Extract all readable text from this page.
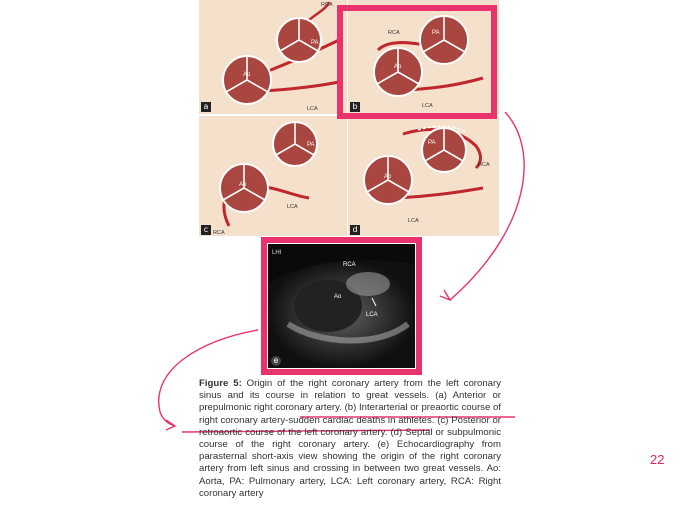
Ao
PA
RCA
LCA
a
Ao
PA
RCA
LCA
b
Ao
PA
RCA
LCA
c
Ao
PA
RCA
LCA
d
LHI
RCA
Ao
LCA
e
Figure 5: Origin of the right coronary artery from the left coronary sinus and its course in relation to great vessels. (a) Anterior or prepulmonic right coronary artery. (b) Interarterial or preaortic course of right coronary artery-sudden cardiac deaths in athletes. (c) Posterior or retroaortic course of the left coronary artery. (d) Septal or subpulmonic course of the right coronary artery. (e) Echocardiography from parasternal short-axis view showing the origin of the right coronary artery from left sinus and crossing in between two great vessels. Ao: Aorta, PA: Pulmonary artery, LCA: Left coronary artery, RCA: Right coronary artery
22
